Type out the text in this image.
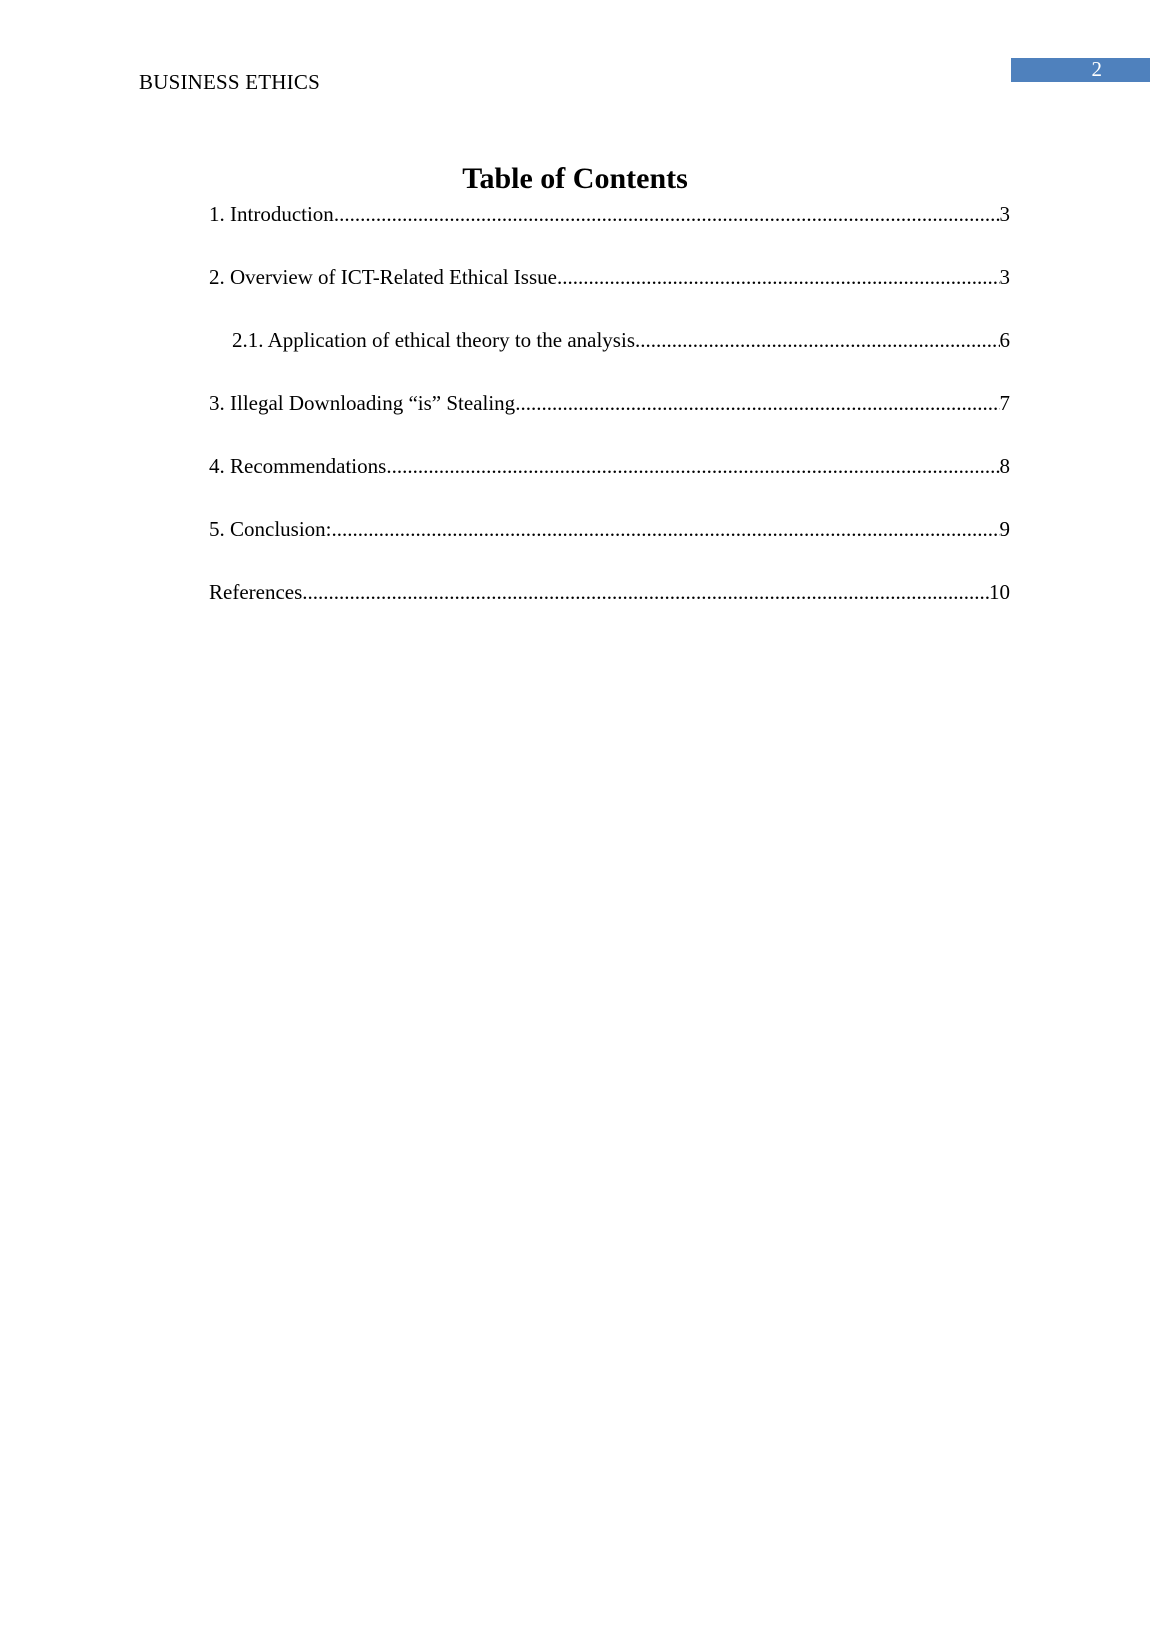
BUSINESS ETHICS
2
Table of Contents
1. Introduction .....	3
2. Overview of ICT-Related Ethical Issue .....	3
2.1. Application of ethical theory to the analysis .....	6
3. Illegal Downloading “is” Stealing .....	7
4. Recommendations .....	8
5. Conclusion: .....	9
References .....	10
